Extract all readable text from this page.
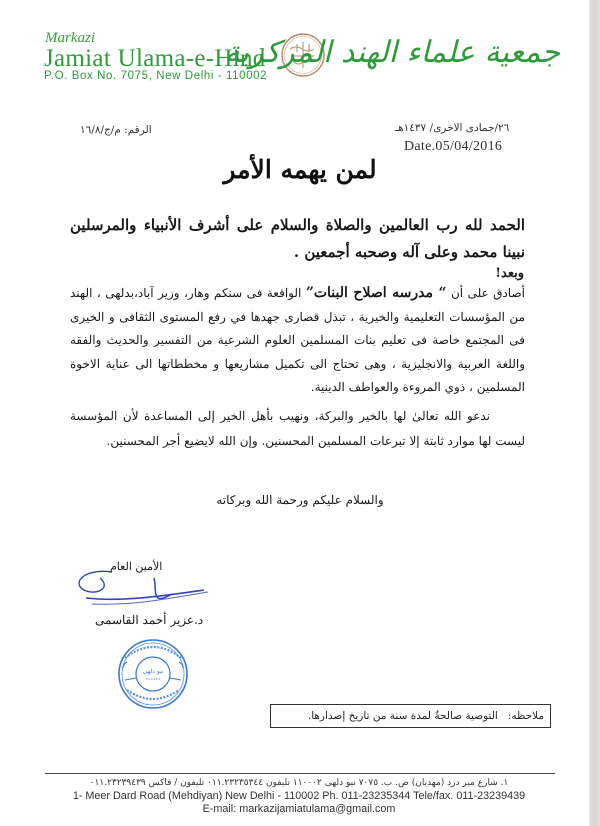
Markazi
Jamiat Ulama-e-Hind
P.O. Box No. 7075, New Delhi - 110002
جمعية علماء الهند المركزية
٢٦/جمادى الاخرى/ ١٤٣٧هـ
Date.05/04/2016
الرقم: م/ج/١٦/٨
لمن يهمه الأمر
الحمد لله رب العالمين والصلاة والسلام على أشرف الأنبياء والمرسلين نبينا محمد وعلى آله وصحبه أجمعين .
وبعد!
أصادق على أن “ مدرسه اصلاح البنات” الواقعة فى سنكم وهار، وزير آباد،بدلهى ، الهند من المؤسسات التعليمية والخيرية ، تبذل قصارى جهدها في رفع المستوى الثقافى و الخيرى فى المجتمع خاصة فى تعليم بنات المسلمين العلوم الشرعية من التفسير والحديث والفقه واللغة العربية والانجليزية ، وهى تحتاج الى تكميل مشاريعها و مخططاتها الى عناية الاخوة المسلمين ، ذوي المروءة والعواطف الدينية.
ندعو الله تعالىٰ لها بالخير والبركة، ونهيب بأهل الخير إلى المساعدة لأن المؤسسة ليست لها موارد ثابتة إلا تبرعات المسلمين المحسنين. وإن الله لايضيع أجر المحسنين.
والسلام عليكم ورحمة الله وبركاته
الأمين العام
د.عزير أحمد القاسمى
نيو دلهى
ملاحظه:
التوصية صالحةٌ لمدة سنة من تاريخ إصدارها.
١. شارع مير درد (مهديان) ص. ب. ٧٠٧٥ نيو دلهى ١١٠٠٠٢ تليفون ٠١١.٢٣٢٣٥٣٤٤ تليفون / فاكس ٠١١.٢٣٢٣٩٤٣٩
1- Meer Dard Road (Mehdiyan) New Delhi - 110002 Ph. 011-23235344 Tele/fax. 011-23239439
E-mail: markazijamiatulama@gmail.com
